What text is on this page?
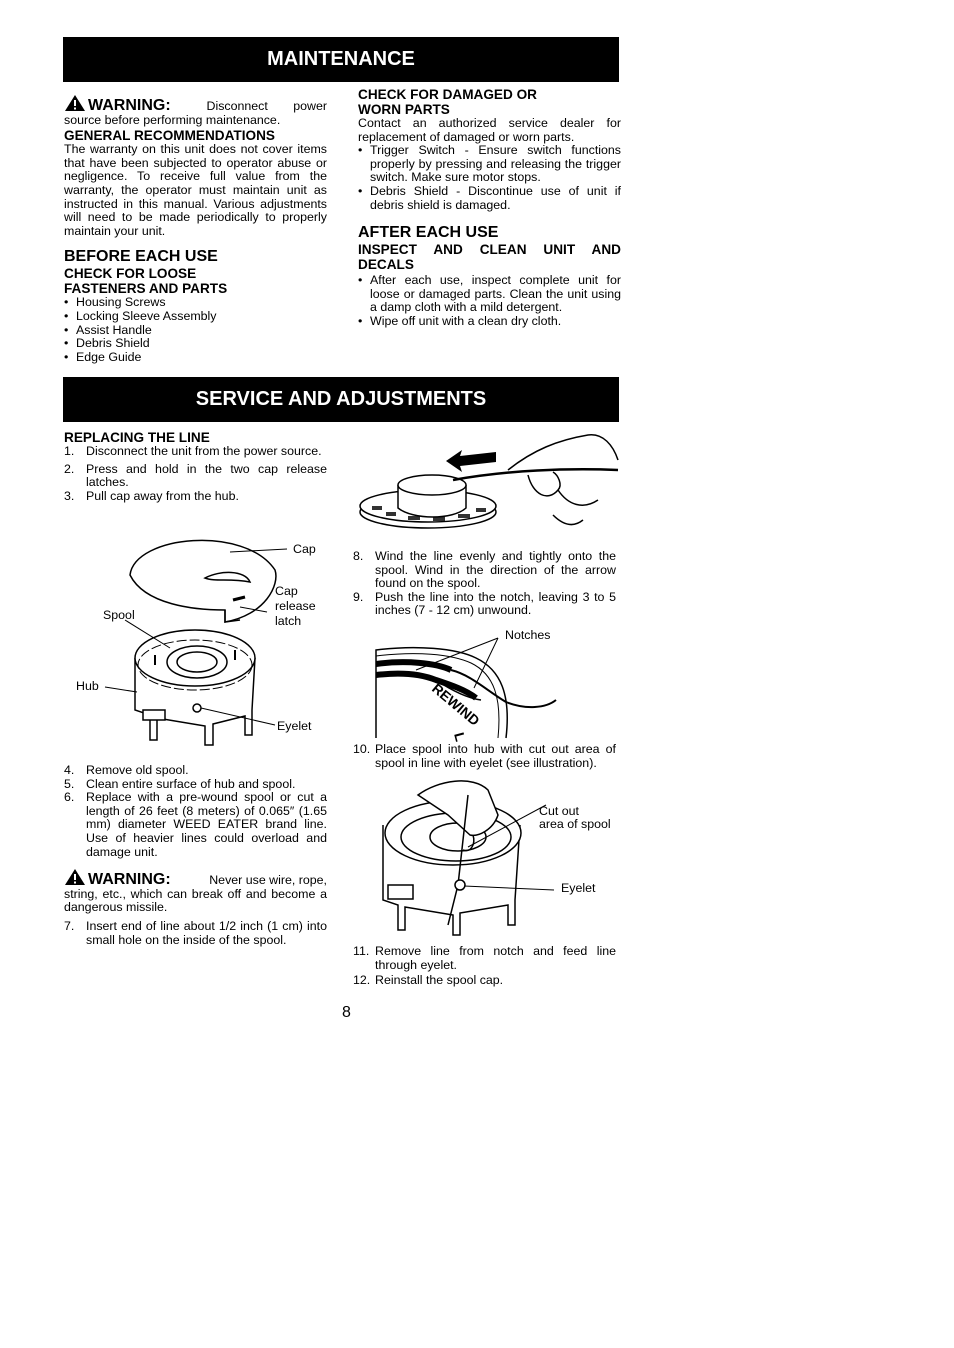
MAINTENANCE
WARNING:	Disconnect power
source before performing maintenance.
GENERAL RECOMMENDATIONS
The warranty on this unit does not cover items that have been subjected to operator abuse or negligence. To receive full value from the warranty, the operator must maintain unit as instructed in this manual. Various adjustments will need to be made periodically to properly maintain your unit.
BEFORE EACH USE
CHECK FOR LOOSE
FASTENERS AND PARTS
• Housing Screws
• Locking Sleeve Assembly
• Assist Handle
• Debris Shield
• Edge Guide
CHECK FOR DAMAGED OR
WORN PARTS
Contact an authorized service dealer for replacement of damaged or worn parts.
• Trigger Switch - Ensure switch functions properly by pressing and releasing the trigger switch. Make sure motor stops.
• Debris Shield - Discontinue use of unit if debris shield is damaged.
AFTER EACH USE
INSPECT AND CLEAN UNIT AND DECALS
• After each use, inspect complete unit for loose or damaged parts. Clean the unit using a damp cloth with a mild detergent.
• Wipe off unit with a clean dry cloth.
SERVICE AND ADJUSTMENTS
REPLACING THE LINE
1. Disconnect the unit from the power source.
2. Press and hold in the two cap release latches.
3. Pull cap away from the hub.
Cap
Cap
release
latch
Spool
Hub
Eyelet
4. Remove old spool.
5. Clean entire surface of hub and spool.
6. Replace with a pre-wound spool or cut a length of 26 feet (8 meters) of 0.065″ (1.65 mm) diameter WEED EATER brand line. Use of heavier lines could overload and damage unit.
WARNING:	Never use wire, rope,
string, etc., which can break off and become a dangerous missile.
7. Insert end of line about 1/2 inch (1 cm) into small hole on the inside of the spool.
8. Wind the line evenly and tightly onto the spool. Wind in the direction of the arrow found on the spool.
9. Push the line into the notch, leaving 3 to 5 inches (7 - 12 cm) unwound.
REWIND
L
Notches
10. Place spool into hub with cut out area of spool in line with eyelet (see illustration).
Cut out
area of spool
Eyelet
11. Remove line from notch and feed line through eyelet.
12. Reinstall the spool cap.
8
